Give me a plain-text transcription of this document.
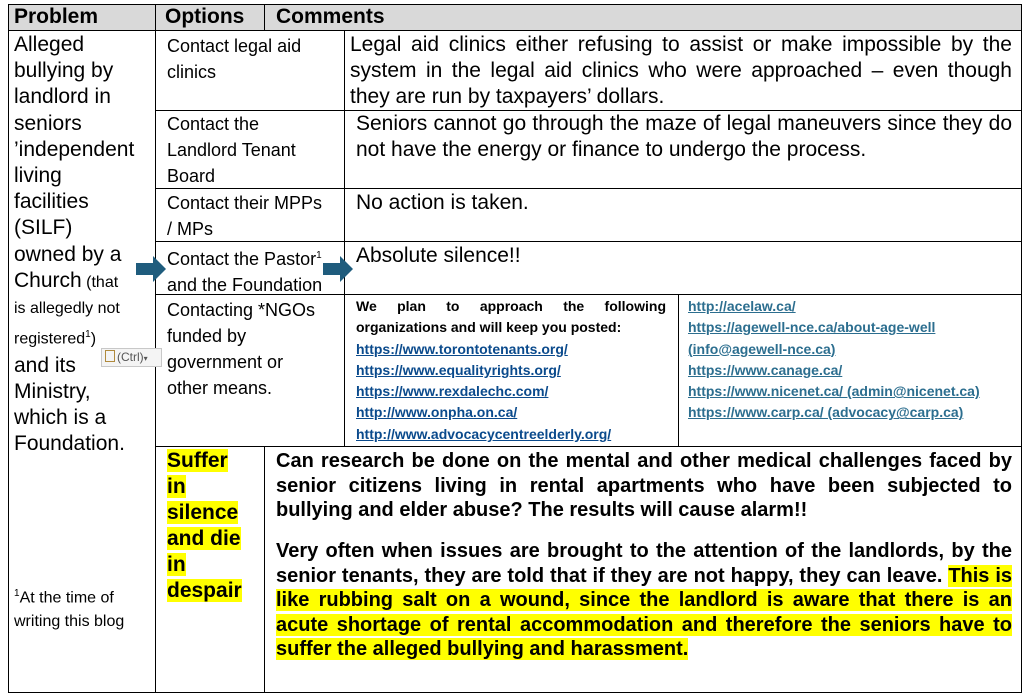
Problem	Options Comments
Alleged
bullying by
landlord in
seniors
’independent
living
facilities
(SILF)
owned by a
Church (that
is allegedly not
registered$^1$)
and its
Ministry,
which is a
Foundation.
(Ctrl)▾
$^1$At the time of
writing this blog
Contact legal aid
clinics
Contact the
Landlord Tenant
Board
Contact their MPPs
/ MPs
Contact the Pastor$^1$
and the Foundation
Contacting *NGOs
funded by
government or
other means.
Legal aid clinics either refusing to assist or make impossible by the system in the legal aid clinics who were approached – even though they are run by taxpayers’ dollars.
Seniors cannot go through the maze of legal maneuvers since they do not have the energy or finance to undergo the process.
No action is taken.
Absolute silence!!
We plan to approach the following organizations and will keep you posted:
https://www.torontotenants.org/
https://www.equalityrights.org/
https://www.rexdalechc.com/
http://www.onpha.on.ca/
http://www.advocacycentreelderly.org/
http://acelaw.ca/
https://agewell-nce.ca/about-age-well
(info@agewell-nce.ca)
https://www.canage.ca/
https://www.nicenet.ca/ (admin@nicenet.ca)
https://www.carp.ca/ (advocacy@carp.ca)
Suffer
in
silence
and die
in
despair
Can research be done on the mental and other medical challenges faced by senior citizens living in rental apartments who have been subjected to bullying and elder abuse? The results will cause alarm!!
Very often when issues are brought to the attention of the landlords, by the senior tenants, they are told that if they are not happy, they can leave. This is like rubbing salt on a wound, since the landlord is aware that there is an acute shortage of rental accommodation and therefore the seniors have to suffer the alleged bullying and harassment.
